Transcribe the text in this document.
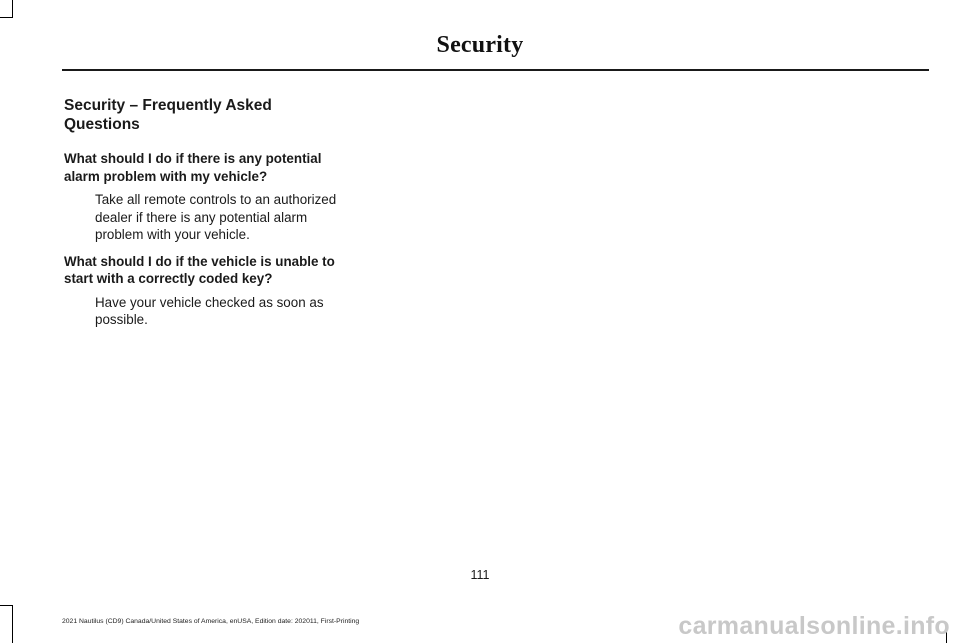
Security
Security – Frequently Asked Questions

What should I do if there is any potential alarm problem with my vehicle?

Take all remote controls to an authorized dealer if there is any potential alarm problem with your vehicle.

What should I do if the vehicle is unable to start with a correctly coded key?

Have your vehicle checked as soon as possible.

111
2021 Nautilus (CD9) Canada/United States of America, enUSA, Edition date: 202011, First-Printing	carmanualsonline.info
